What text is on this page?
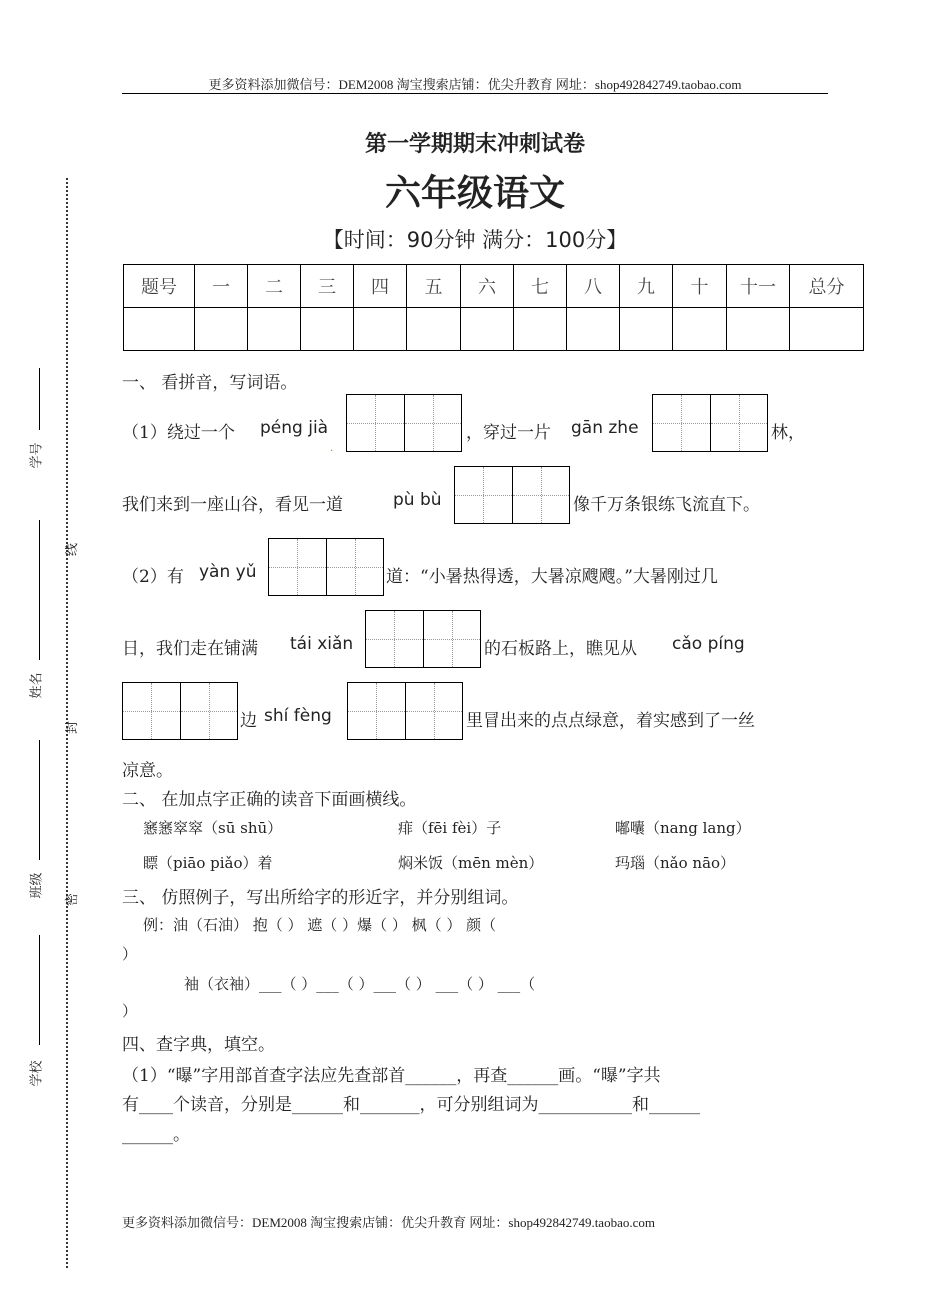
更多资料添加微信号：DEM2008 淘宝搜索店铺：优尖升教育 网址：shop492842749.taobao.com
第一学期期末冲刺试卷
六年级语文
【时间：90分钟 满分：100分】
题号	一	二	三	四	五	六	七	八	九	十	十一	总分

学号
姓名
班级
学校
线
封
密
一、 看拼音，写词语。
（1）绕过一个 péng jià
·
，穿过一片 gān zhe	林，
我们来到一座山谷，看见一道	pù bù	像千万条银练飞流直下。
（2）有 yàn yǔ	道：“小暑热得透，大暑凉飕飕。”大暑刚过几
日，我们走在铺满 tái xiǎn	的石板路上，瞧见从 cǎo píng
边 shí fèng	里冒出来的点点绿意，着实感到了一丝
凉意。
二、 在加点字正确的读音下面画横线。
窸窸窣窣（sū shū）	痱（fēi fèi）子	嘟囔（nang lang）
瞟（piāo piǎo）着	焖米饭（mēn mèn）	玛瑙（nǎo nāo）
三、 仿照例子，写出所给字的形近字，并分别组词。
例：油（石油） 抱（ ） 遮（ ）爆（ ） 枫（ ） 颜（
）
袖（衣袖）___（ ）___（ ）___（ ） ___（ ） ___（
）
四、查字典，填空。
（1）“曝”字用部首查字法应先查部首______，再查______画。“曝”字共
有____个读音，分别是______和_______，可分别组词为___________和______
______。
更多资料添加微信号：DEM2008 淘宝搜索店铺：优尖升教育 网址：shop492842749.taobao.com
